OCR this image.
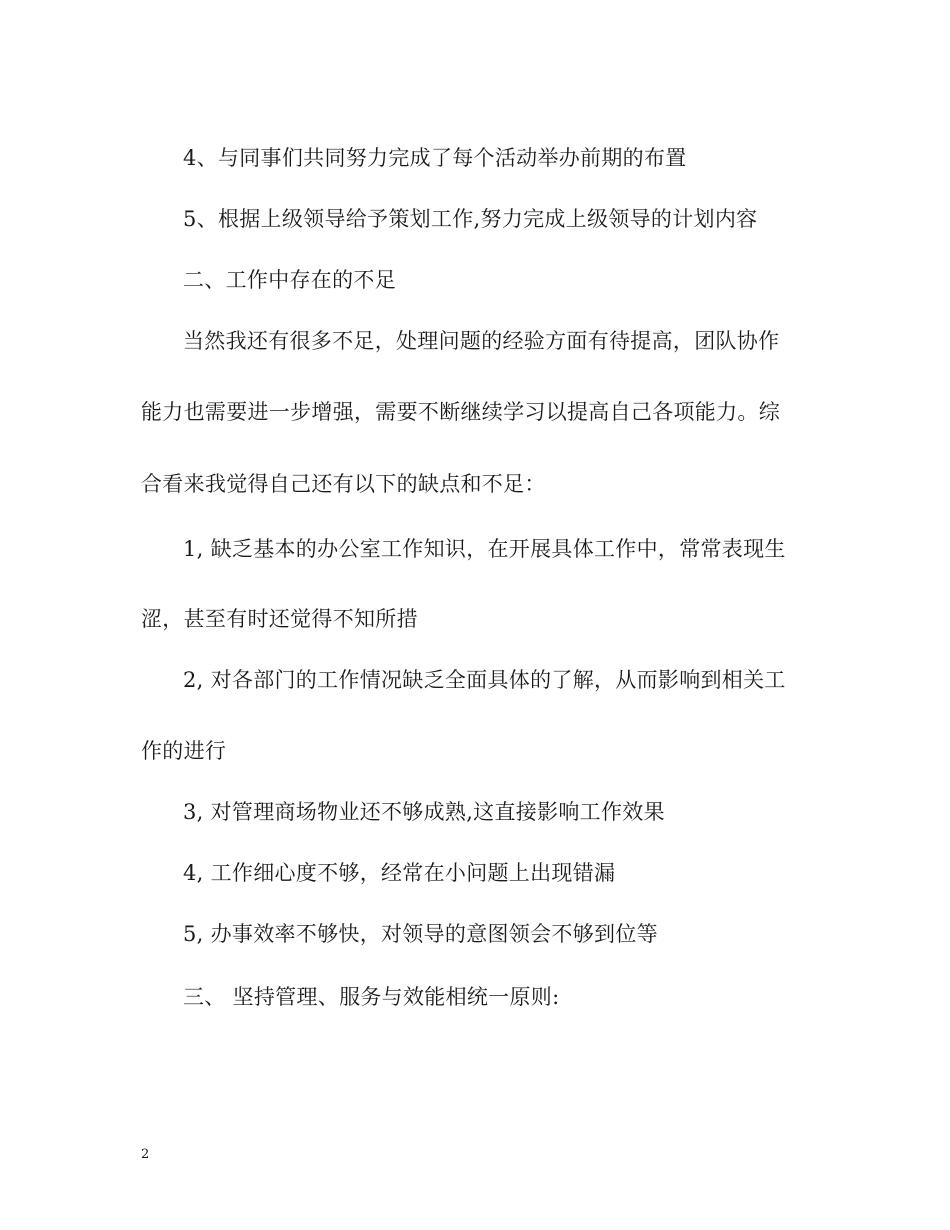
4、与同事们共同努力完成了每个活动举办前期的布置
5、根据上级领导给予策划工作,努力完成上级领导的计划内容
二、工作中存在的不足
当然我还有很多不足，处理问题的经验方面有待提高，团队协作
能力也需要进一步增强，需要不断继续学习以提高自己各项能力。综
合看来我觉得自己还有以下的缺点和不足：
1, 缺乏基本的办公室工作知识，在开展具体工作中，常常表现生
涩，甚至有时还觉得不知所措
2, 对各部门的工作情况缺乏全面具体的了解，从而影响到相关工
作的进行
3, 对管理商场物业还不够成熟,这直接影响工作效果
4, 工作细心度不够，经常在小问题上出现错漏
5, 办事效率不够快，对领导的意图领会不够到位等
三、 坚持管理、服务与效能相统一原则:
2
